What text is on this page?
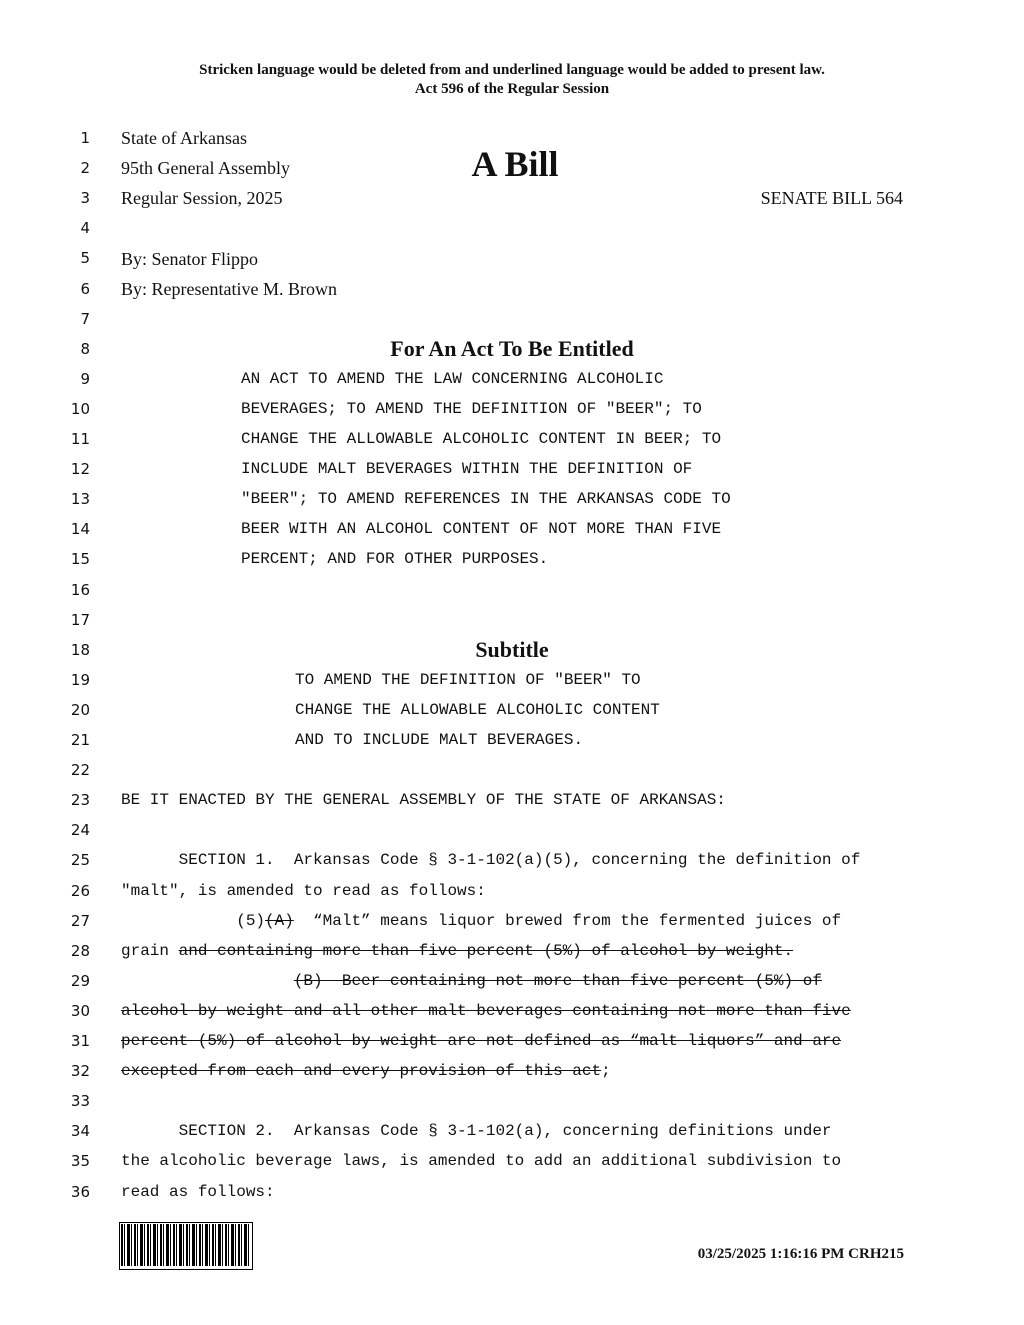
Stricken language would be deleted from and underlined language would be added to present law.
Act 596 of the Regular Session
1
2
3
4
5
6
7
8
9
10
11
12
13
14
15
16
17
18
19
20
21
22
23
24
25
26
27
28
29
30
31
32
33
34
35
36
State of Arkansas
95th General Assembly	A Bill
Regular Session, 2025	SENATE BILL 564
By: Senator Flippo
By: Representative M. Brown
For An Act To Be Entitled
AN ACT TO AMEND THE LAW CONCERNING ALCOHOLIC
BEVERAGES; TO AMEND THE DEFINITION OF "BEER"; TO
CHANGE THE ALLOWABLE ALCOHOLIC CONTENT IN BEER; TO
INCLUDE MALT BEVERAGES WITHIN THE DEFINITION OF
"BEER"; TO AMEND REFERENCES IN THE ARKANSAS CODE TO
BEER WITH AN ALCOHOL CONTENT OF NOT MORE THAN FIVE
PERCENT; AND FOR OTHER PURPOSES.
Subtitle
TO AMEND THE DEFINITION OF "BEER" TO
CHANGE THE ALLOWABLE ALCOHOLIC CONTENT
AND TO INCLUDE MALT BEVERAGES.
BE IT ENACTED BY THE GENERAL ASSEMBLY OF THE STATE OF ARKANSAS:
SECTION 1.  Arkansas Code § 3-1-102(a)(5), concerning the definition of
"malt", is amended to read as follows:
(5)(A)  “Malt” means liquor brewed from the fermented juices of
grain and containing more than five percent (5%) of alcohol by weight.
(B)  Beer containing not more than five percent (5%) of
alcohol by weight and all other malt beverages containing not more than five
percent (5%) of alcohol by weight are not defined as “malt liquors” and are
excepted from each and every provision of this act;
SECTION 2.  Arkansas Code § 3-1-102(a), concerning definitions under
the alcoholic beverage laws, is amended to add an additional subdivision to
read as follows:
03/25/2025 1:16:16 PM CRH215
